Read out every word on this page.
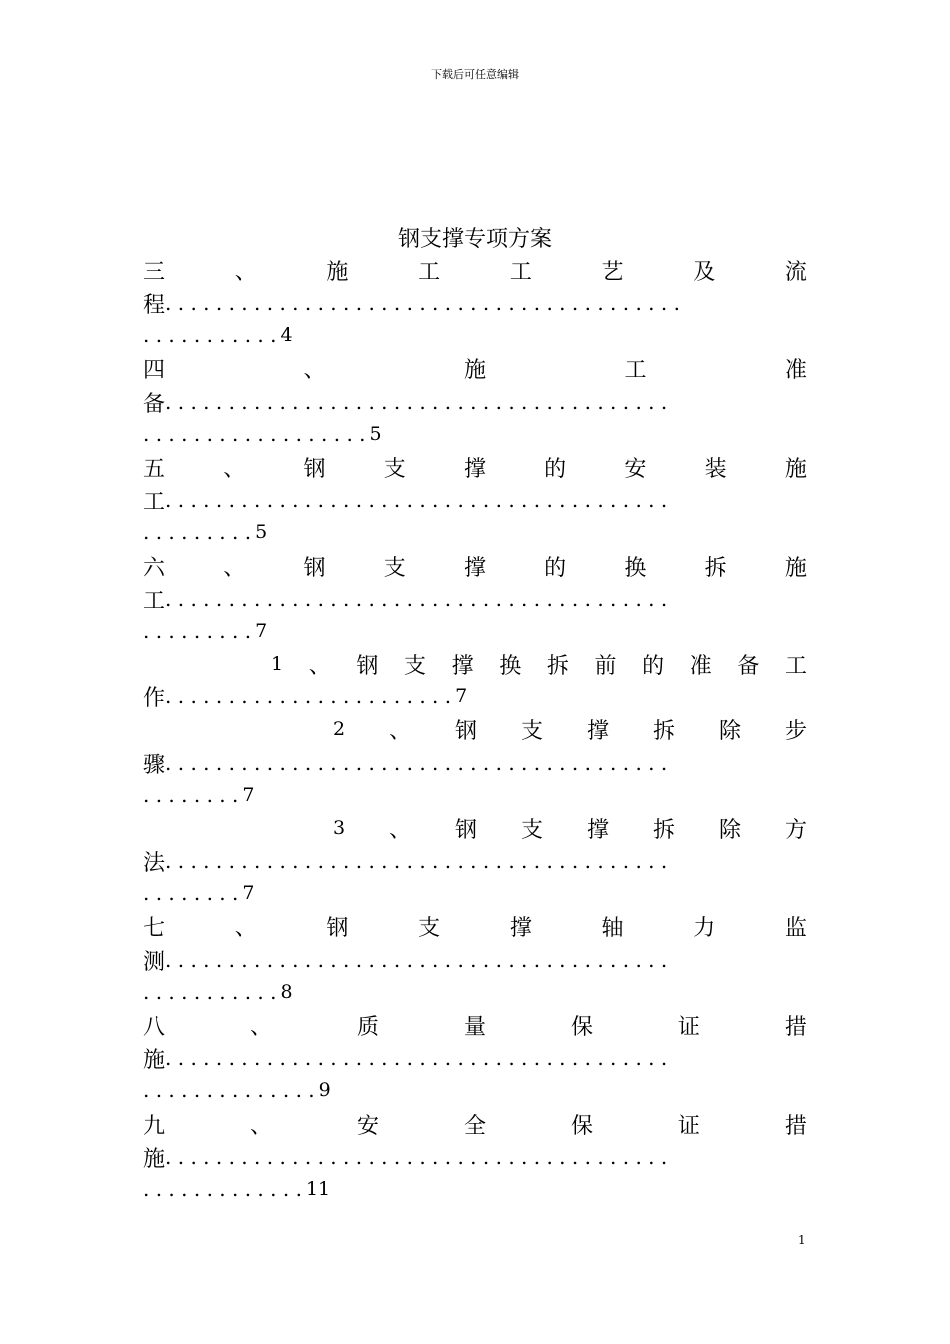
下载后可任意编辑
钢支撑专项方案
三	、	施	工	工	艺	及	流
程 . . . . . . . . . . . . . . . . . . . . . . . . . . . . . . . . . . . . . . . . .
. . . . . . . . . . . 4
四	、	施	工	准
备 . . . . . . . . . . . . . . . . . . . . . . . . . . . . . . . . . . . . . . . .
. . . . . . . . . . . . . . . . . . 5
五	、	钢	支	撑	的	安	装	施
工 . . . . . . . . . . . . . . . . . . . . . . . . . . . . . . . . . . . . . . . .
. . . . . . . . . 5
六	、	钢	支	撑	的	换	拆	施
工 . . . . . . . . . . . . . . . . . . . . . . . . . . . . . . . . . . . . . . . .
. . . . . . . . . 7
1 、 钢 支 撑 换 拆 前 的 准 备 工
作 . . . . . . . . . . . . . . . . . . . . . . . 7
2 、 钢 支 撑 拆 除 步
骤 . . . . . . . . . . . . . . . . . . . . . . . . . . . . . . . . . . . . . . . .
. . . . . . . . 7
3 、 钢 支 撑 拆 除 方
法 . . . . . . . . . . . . . . . . . . . . . . . . . . . . . . . . . . . . . . . .
. . . . . . . . 7
七	、	钢	支	撑	轴	力	监
测 . . . . . . . . . . . . . . . . . . . . . . . . . . . . . . . . . . . . . . . .
. . . . . . . . . . . 8
八	、	质	量	保	证	措
施 . . . . . . . . . . . . . . . . . . . . . . . . . . . . . . . . . . . . . . . .
. . . . . . . . . . . . . . 9
九	、	安	全	保	证	措
施 . . . . . . . . . . . . . . . . . . . . . . . . . . . . . . . . . . . . . . . .
. . . . . . . . . . . . . 11
1
